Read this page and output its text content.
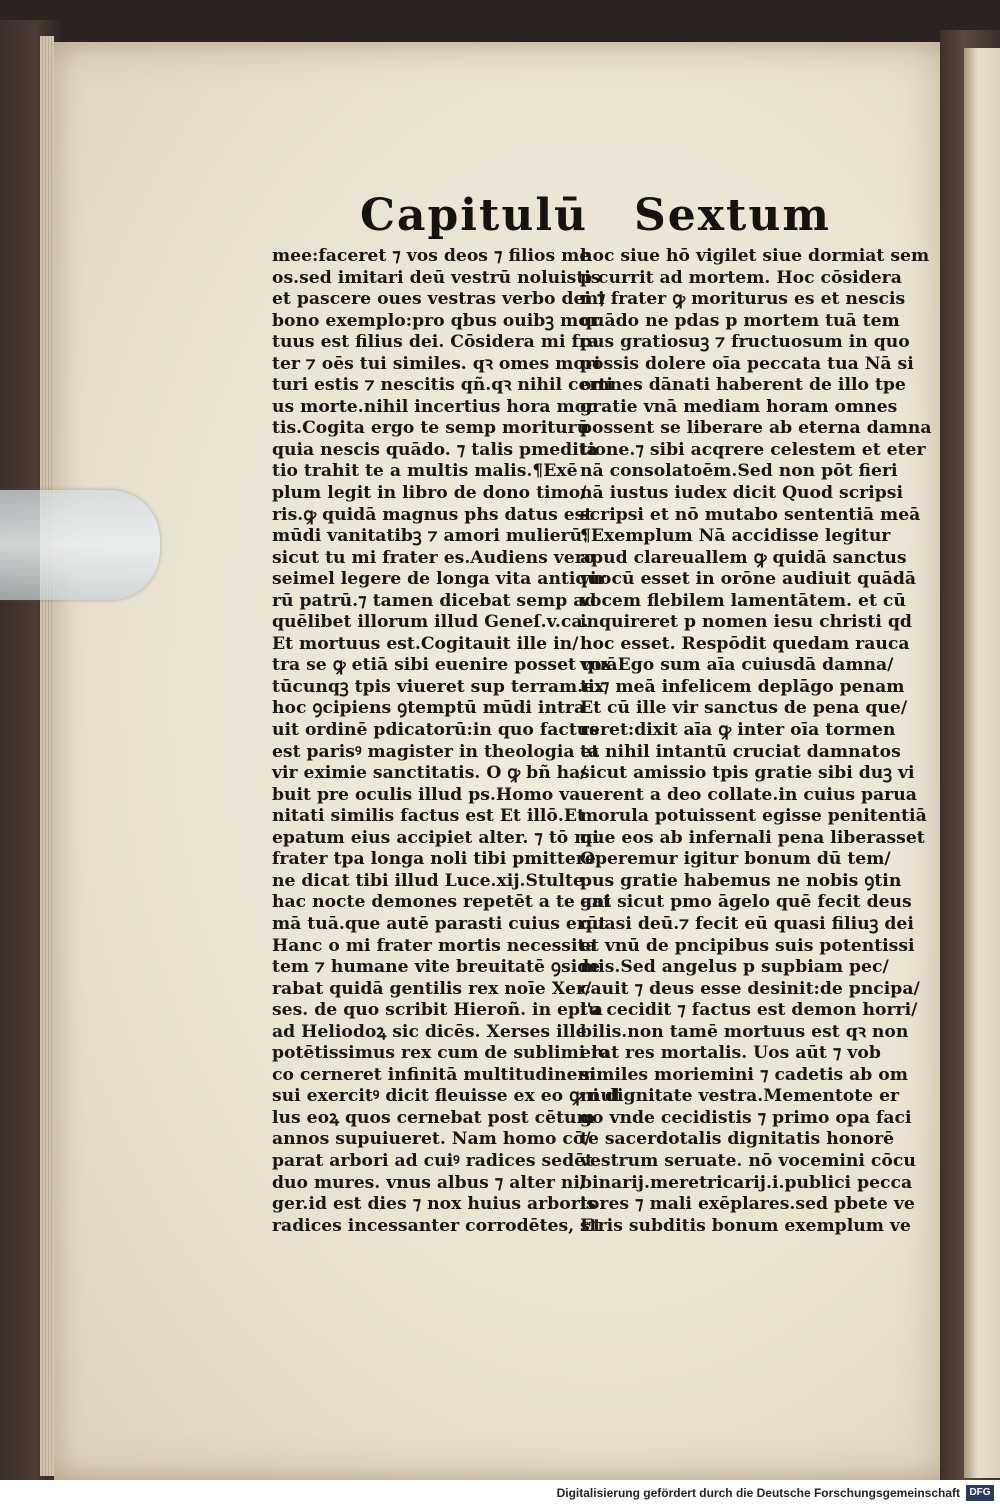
Capitulū Sextum
mee:faceret ⁊ vos deos ⁊ filios me
os.sed imitari deū vestrū noluistis
et pascere oues vestras verbo dei ⁊
bono exemplo:pro qbus ouibꝫ mor
tuus est filius dei. Cōsidera mi fra
ter ⁊ oēs tui similes. qꝛ omes mori
turi estis ⁊ nescitis qñ.qꝛ nihil certi
us morte.nihil incertius hora mor
tis.Cogita ergo te semp moriturū
quia nescis quādo. ⁊ talis pmedita
tio trahit te a multis malis.¶Exē
plum legit in libro de dono timo/
ris.ꝙ quidā magnus phs datus est
mūdi vanitatibꝫ ⁊ amori mulierū:
sicut tu mi frater es.Audiens vero
seimel legere de longa vita antiquo
rū patrū.⁊ tamen dicebat semp ad
quēlibet illorum illud Geneſ.v.ca.
Et mortuus est.Cogitauit ille in/
tra se ꝙ etiā sibi euenire posset quā
tūcunqꝫ tpis viueret sup terram.ex
hoc ꝯcipiens ꝯtemptū mūdi intra
uit ordinē pdicatorū:in quo factus
est parisꝰ magister in theologia et
vir eximie sanctitatis. O ꝙ bñ ha/
buit pre oculis illud ps.Homo va
nitati similis factus est Et illō.Et
epatum eius accipiet alter. ⁊ tō mi
frater tpa longa noli tibi pmittere
ne dicat tibi illud Luce.xij.Stulte
hac nocte demones repetēt a te ani
mā tuā.que autē parasti cuius erūt
Hanc o mi frater mortis necessita
tem ⁊ humane vite breuitatē ꝯside
rabat quidā gentilis rex noīe Xer/
ses. de quo scribit Hieroñ. in epl'a
ad Heliodoꝝ sic dicēs. Xerses ille
potētissimus rex cum de sublimi lo
co cerneret infinitā multitudinem
sui exercitꝰ dicit fleuisse ex eo ꝙ nul
lus eoꝝ quos cernebat post cētum
annos supuiueret. Nam homo cō/
parat arbori ad cuiꝰ radices sedēt
duo mures. vnus albus ⁊ alter ni/
ger.id est dies ⁊ nox huius arboris
radices incessanter corrodētes, Et
hoc siue hō vigilet siue dormiat sem
p currit ad mortem. Hoc cōsidera
mi frater ꝙ moriturus es et nescis
quādo ne pdas p mortem tuā tem
pus gratiosuꝫ ⁊ fructuosum in quo
possis dolere oīa peccata tua Nā si
omnes dānati haberent de illo tpe
gratie vnā mediam horam omnes
possent se liberare ab eterna damna
tione.⁊ sibi acqrere celestem et eter
nā consolatoēm.Sed non pōt fieri
nā iustus iudex dicit Quod scripsi
scripsi et nō mutabo sententiā meā
¶Exemplum Nā accidisse legitur
apud clareuallem ꝙ quidā sanctus
vir cū esset in orōne audiuit quādā
vocem flebilem lamentātem. et cū
inquireret p nomen iesu christi qd
hoc esset. Respōdit quedam rauca
vox.Ego sum aīa cuiusdā damna/
ti:⁊ meā infelicem deplāgo penam
Et cū ille vir sanctus de pena que/
reret:dixit aīa ꝙ inter oīa tormen
ta nihil intantū cruciat damnatos
sicut amissio tpis gratie sibi duꝫ vi
uerent a deo collate.in cuius parua
morula potuissent egisse penitentiā
que eos ab infernali pena liberasset
Operemur igitur bonum dū tem/
pus gratie habemus ne nobis ꝯtin
gat sicut pmo āgelo quē fecit deus
quasi deū.⁊ fecit eū quasi filiuꝫ dei
et vnū de pncipibus suis potentissi
mis.Sed angelus p supbiam pec/
cauit ⁊ deus esse desinit:de pncipa/
tu cecidit ⁊ factus est demon horri/
bilis.non tamē mortuus est qꝛ non
erat res mortalis. Uos aūt ⁊ vob
similes moriemini ⁊ cadetis ab om
ni dignitate vestra.Mementote er
go vnde cecidistis ⁊ primo opa faci
te sacerdotalis dignitatis honorē
vestrum seruate. nō vocemini cōcu
binarij.meretricarij.i.publici pecca
tores ⁊ mali exēplares.sed pbete ve
stris subditis bonum exemplum ve
Digitalisierung gefördert durch die Deutsche Forschungsgemeinschaft DFG
